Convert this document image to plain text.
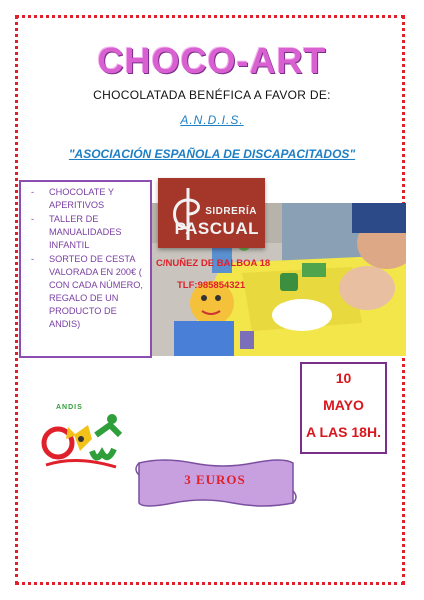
CHOCO-ART
CHOCOLATADA BENÉFICA A FAVOR DE:
A.N.D.I.S.
"ASOCIACIÓN ESPAÑOLA DE DISCAPACITADOS"
- CHOCOLATE Y APERITIVOS
- TALLER DE MANUALIDADES INFANTIL
- SORTEO DE CESTA VALORADA EN 200€ ( CON CADA NÚMERO, REGALO DE UN PRODUCTO DE ANDIS)
SIDRERÍA
PASCUAL
C/NUÑEZ DE BALBOA 18
TLF:985854321
10
MAYO
A LAS 18H.
ANDIS
3 EUROS
